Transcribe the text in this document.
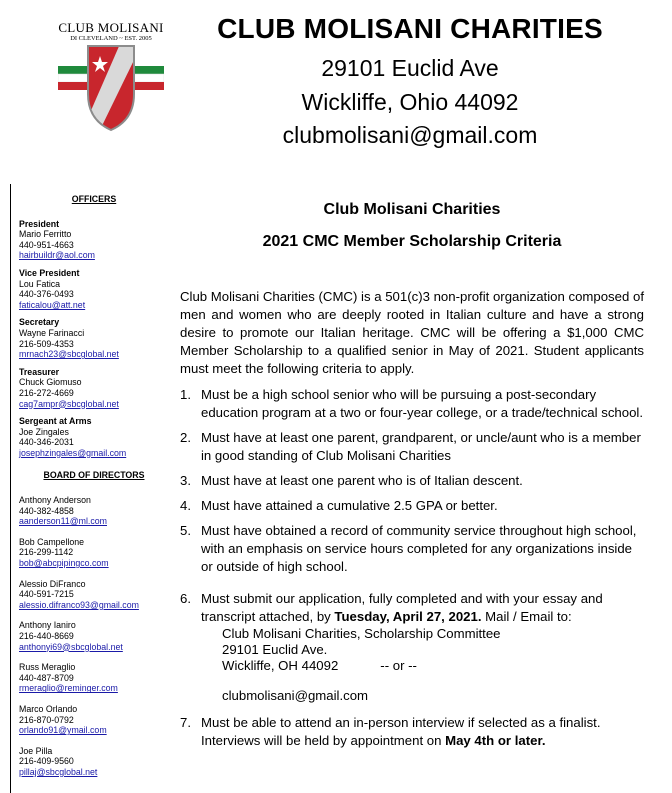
CLUB MOLISANI
DI CLEVELAND ~ EST. 2005	CLUB MOLISANI CHARITIES
29101 Euclid Ave
Wickliffe, Ohio 44092
clubmolisani@gmail.com
OFFICERS
President
Mario Ferritto
440-951-4663
hairbuildr@aol.com
Vice President
Lou Fatica
440-376-0493
faticalou@att.net
Secretary
Wayne Farinacci
216-509-4353
mrnach23@sbcglobal.net
Treasurer
Chuck Giomuso
216-272-4669
cag7ampr@sbcglobal.net
Sergeant at Arms
Joe Zingales
440-346-2031
josephzingales@gmail.com
BOARD OF DIRECTORS
Anthony Anderson
440-382-4858
aanderson11@ml.com
Bob Campellone
216-299-1142
bob@abcpipingco.com
Alessio DiFranco
440-591-7215
alessio.difranco93@gmail.com
Anthony Ianiro
216-440-8669
anthonyi69@sbcglobal.net
Russ Meraglio
440-487-8709
rmeraglio@reminger.com
Marco Orlando
216-870-0792
orlando91@ymail.com
Joe Pilla
216-409-9560
pillaj@sbcglobal.net
Club Molisani Charities
2021 CMC Member Scholarship Criteria
Club Molisani Charities (CMC) is a 501(c)3 non-profit organization composed of men and women who are deeply rooted in Italian culture and have a strong desire to promote our Italian heritage. CMC will be offering a $1,000 CMC Member Scholarship to a qualified senior in May of 2021. Student applicants must meet the following criteria to apply.
1. Must be a high school senior who will be pursuing a post-secondary education program at a two or four-year college, or a trade/technical school.
2. Must have at least one parent, grandparent, or uncle/aunt who is a member in good standing of Club Molisani Charities
3. Must have at least one parent who is of Italian descent.
4. Must have attained a cumulative 2.5 GPA or better.
5. Must have obtained a record of community service throughout high school, with an emphasis on service hours completed for any organizations inside or outside of high school.
6. Must submit our application, fully completed and with your essay and transcript attached, by Tuesday, April 27, 2021. Mail / Email to:
Club Molisani Charities, Scholarship Committee
29101 Euclid Ave.
Wickliffe, OH 44092	-- or --
clubmolisani@gmail.com
7. Must be able to attend an in-person interview if selected as a finalist. Interviews will be held by appointment on May 4th or later.
